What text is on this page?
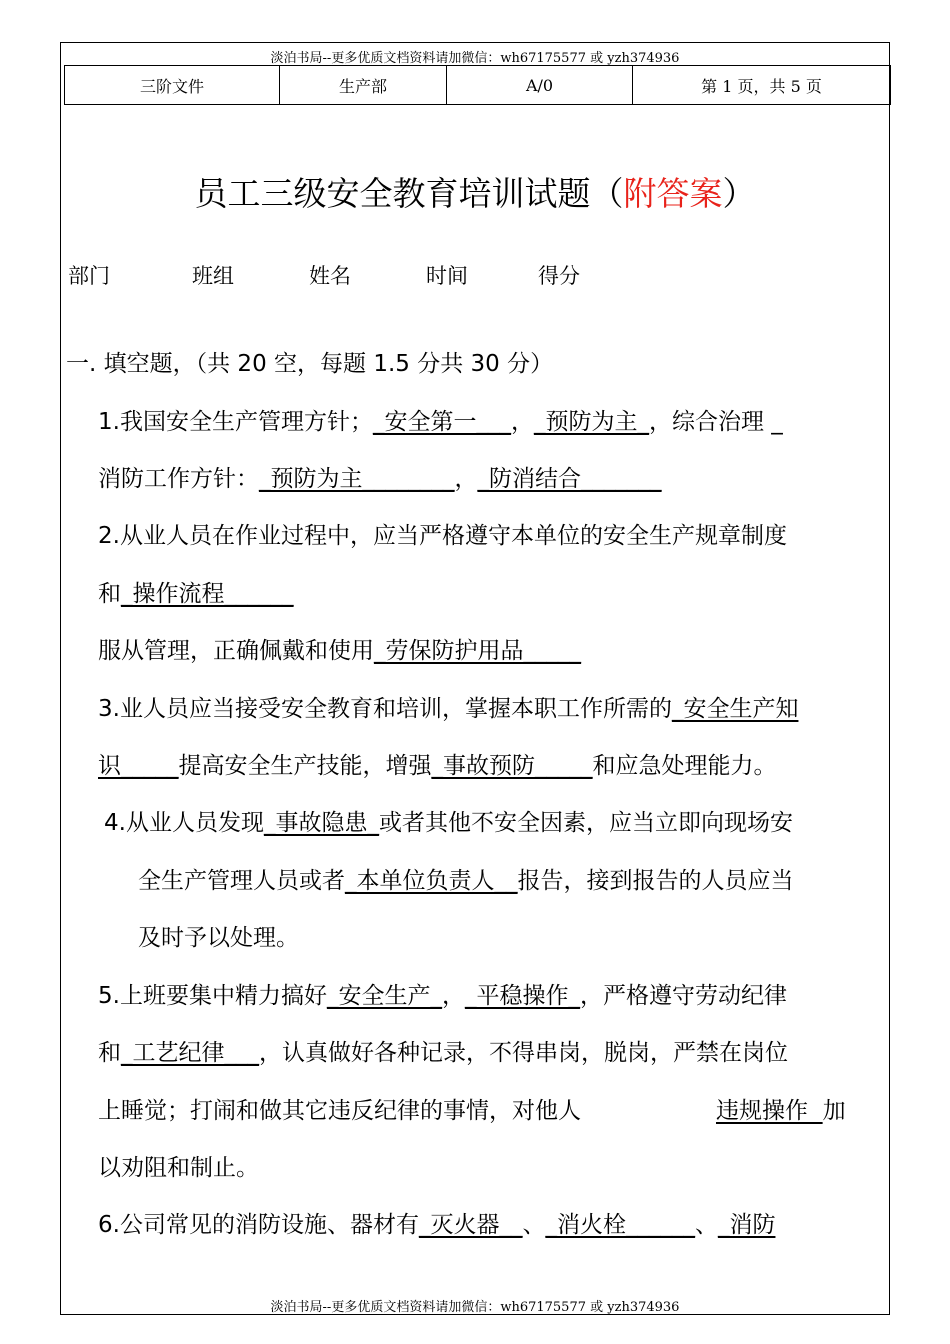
淡泊书局--更多优质文档资料请加微信：wh67175577 或 yzh374936
三阶文件	生产部	A/0	第 1 页，共 5 页
员工三级安全教育培训试题（附答案）
部门	班组	姓名	时间	得分
一. 填空题，（共 20 空，每题 1.5 分共 30 分）
1.我国安全生产管理方针；_安全第一___，_预防为主_，综合治理 _
消防工作方针：_预防为主________，_防消结合_______
2.从业人员在作业过程中，应当严格遵守本单位的安全生产规章制度
和_操作流程______
服从管理，正确佩戴和使用_劳保防护用品_____
3.业人员应当接受安全教育和培训，掌握本职工作所需的_安全生产知
识_____提高安全生产技能，增强_事故预防_____和应急处理能力。
4.从业人员发现_事故隐患_或者其他不安全因素，应当立即向现场安
全生产管理人员或者_本单位负责人__报告，接到报告的人员应当
及时予以处理。
5.上班要集中精力搞好_安全生产_，_平稳操作_，严格遵守劳动纪律
和_工艺纪律___，认真做好各种记录，不得串岗，脱岗，严禁在岗位
上睡觉；打闹和做其它违反纪律的事情，对他人	违规操作  加
以劝阻和制止。
6.公司常见的消防设施、器材有_灭火器__、_消火栓______、_消防
淡泊书局--更多优质文档资料请加微信：wh67175577 或 yzh374936
